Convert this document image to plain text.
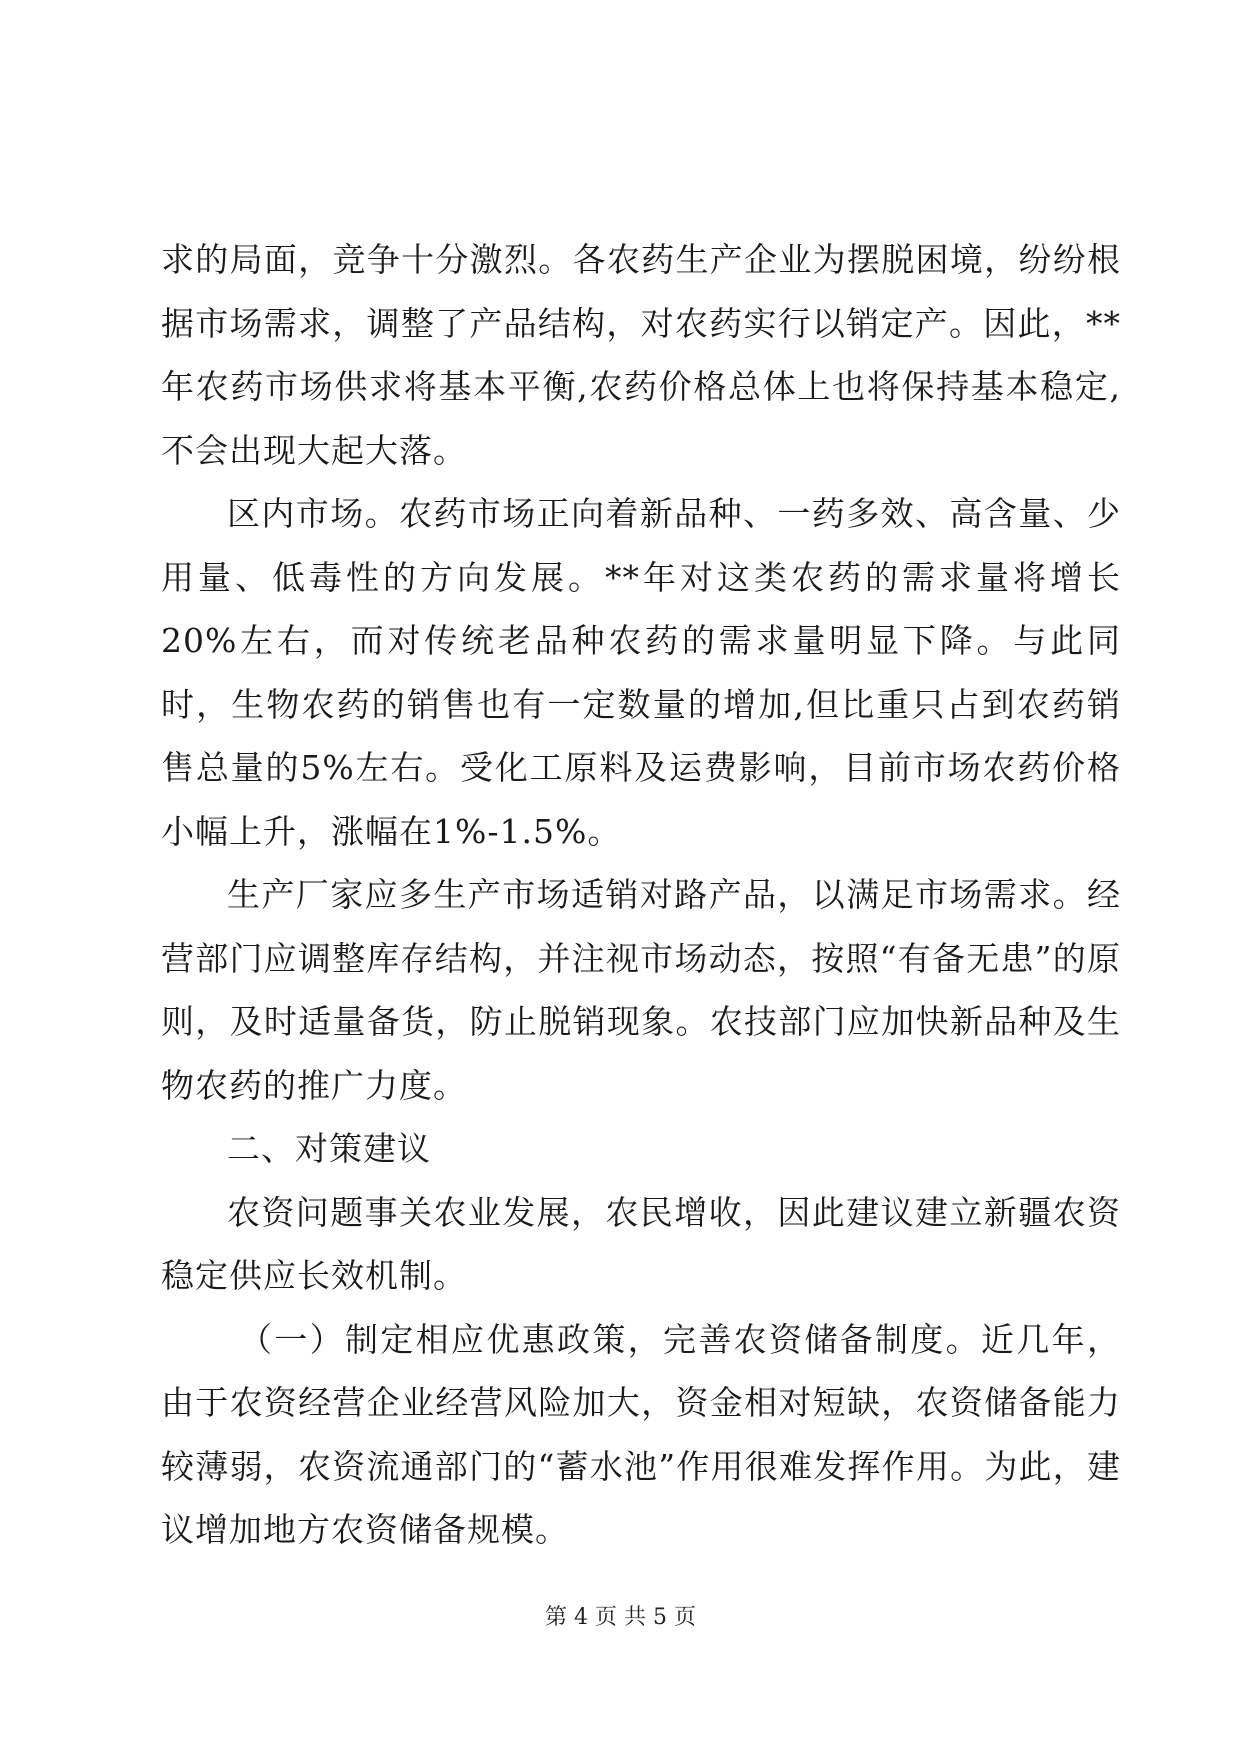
求的局面，竞争十分激烈。各农药生产企业为摆脱困境，纷纷根据市场需求，调整了产品结构，对农药实行以销定产。因此，**年农药市场供求将基本平衡,农药价格总体上也将保持基本稳定,不会出现大起大落。

区内市场。农药市场正向着新品种、一药多效、高含量、少用量、低毒性的方向发展。**年对这类农药的需求量将增长20%左右，而对传统老品种农药的需求量明显下降。与此同时，生物农药的销售也有一定数量的增加,但比重只占到农药销售总量的5%左右。受化工原料及运费影响，目前市场农药价格小幅上升，涨幅在1%-1.5%。

生产厂家应多生产市场适销对路产品，以满足市场需求。经营部门应调整库存结构，并注视市场动态，按照“有备无患”的原则，及时适量备货，防止脱销现象。农技部门应加快新品种及生物农药的推广力度。

二、对策建议

农资问题事关农业发展，农民增收，因此建议建立新疆农资稳定供应长效机制。

（一）制定相应优惠政策，完善农资储备制度。近几年，由于农资经营企业经营风险加大，资金相对短缺，农资储备能力较薄弱，农资流通部门的“蓄水池”作用很难发挥作用。为此，建议增加地方农资储备规模。

第 4 页 共 5 页
